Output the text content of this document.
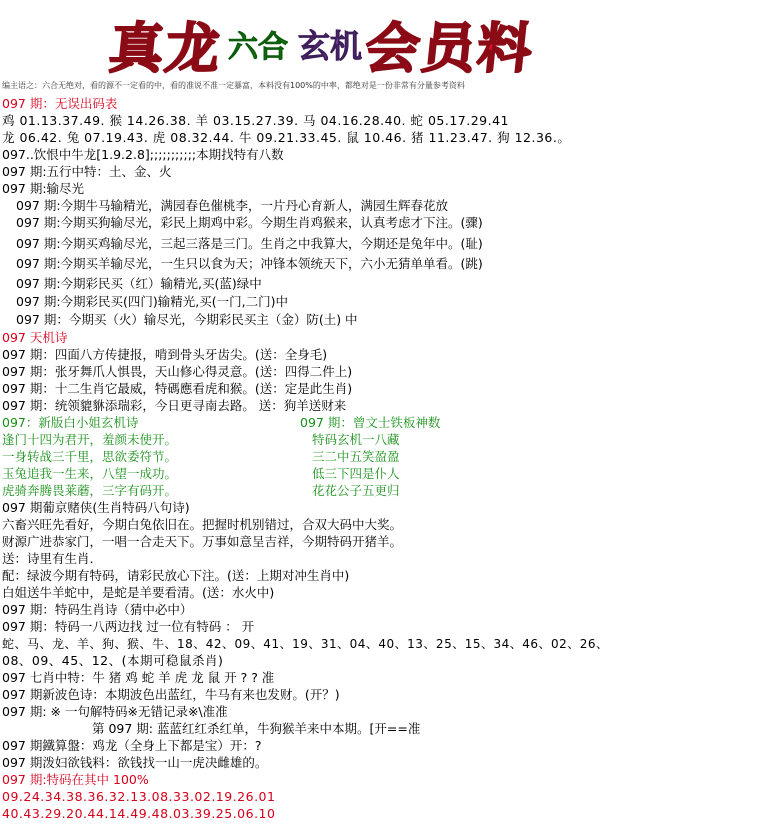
真龙 六合 玄机会员料
编主语之：六合无绝对，看的源不一定看的中，看的准说不准一定暴富，本料没有100%的中率，都绝对是一份非常有分量参考资料
097 期：无误出码表
鸡 01.13.37.49. 猴 14.26.38. 羊 03.15.27.39. 马 04.16.28.40. 蛇 05.17.29.41
龙 06.42. 兔 07.19.43. 虎 08.32.44. 牛 09.21.33.45. 鼠 10.46. 猪 11.23.47. 狗 12.36.。
097..饮恨中牛龙[1.9.2.8];;;;;;;;;;;本期找特有八数
097 期:五行中特：土、金、火
097 期:输尽光
097 期:今期牛马输精光，满园春色催桃李，一片丹心育新人，满园生辉春花放
097 期:今期买狗输尽光，彩民上期鸡中彩。今期生肖鸡猴来，认真考虑才下注。(骤)
097 期:今期买鸡输尽光，三起三落是三门。生肖之中我算大，今期还是兔年中。(耻)
097 期:今期买羊输尽光，一生只以食为天；冲锋本领统天下，六小无猜单单看。(跳)
097 期:今期彩民买（红）输精光,买(蓝)绿中
097 期:今期彩民买(四门)输精光,买(一门,二门)中
097 期：今期买（火）输尽光，今期彩民买主（金）防(土) 中
097 天机诗
097 期：四面八方传捷报，啃到骨头牙齿尖。(送：全身毛)
097 期：张牙舞爪人惧畏，天山修心得灵意。(送：四得二件上)
097 期：十二生肖它最威，特碼應看虎和猴。(送：定是此生肖)
097 期：统领貔貅添瑞彩，今日更寻南去路。 送：狗羊送财来
097：新版白小姐玄机诗	097 期：曾文士铁板神数
逢门十四为君开，羞颜未使开。	特码玄机一八藏
一身转战三千里，思欲委符节。	三二中五笑盈盈
玉兔追我一生来，八望一成功。	低三下四是仆人
虎骑奔腾畏莱蘑，三字有码开。	花花公子五更归
097 期葡京赌侠(生肖特码八句诗)
六畜兴旺先看好，今期白兔依旧在。把握时机别错过，合双大码中大奖。
财源广进恭家门，一唱一合走天下。万事如意呈吉祥，今期特码开猪羊。
送：诗里有生肖.
配：绿波今期有特码，请彩民放心下注。(送：上期对冲生肖中)
白姐送牛羊蛇中，是蛇是羊要看清。(送：水火中)
097 期：特码生肖诗（猜中必中）
097 期：特码一八两边找 过一位有特码 ： 开
蛇、马、龙、羊、狗、猴、牛、18、42、09、41、19、31、04、40、13、25、15、34、46、02、26、
08、09、45、12、(本期可稳鼠杀肖)
097 七肖中特：牛 猪 鸡 蛇 羊 虎 龙 鼠 开 ? ? 准
097 期新波色诗：本期波色出蓝红，牛马有来也发财。(开？)
097 期: ※ 一句解特码※无错记录※\准准
第 097 期: 蓝蓝红红杀红单，牛狗猴羊来中本期。[开==准
097 期鐵算盤：鸡龙（全身上下都是宝）开：?
097 期泼妇欲钱料：欲钱找一山一虎决雌雄的。
097 期:特码在其中 100%
09.24.34.38.36.32.13.08.33.02.19.26.01
40.43.29.20.44.14.49.48.03.39.25.06.10
